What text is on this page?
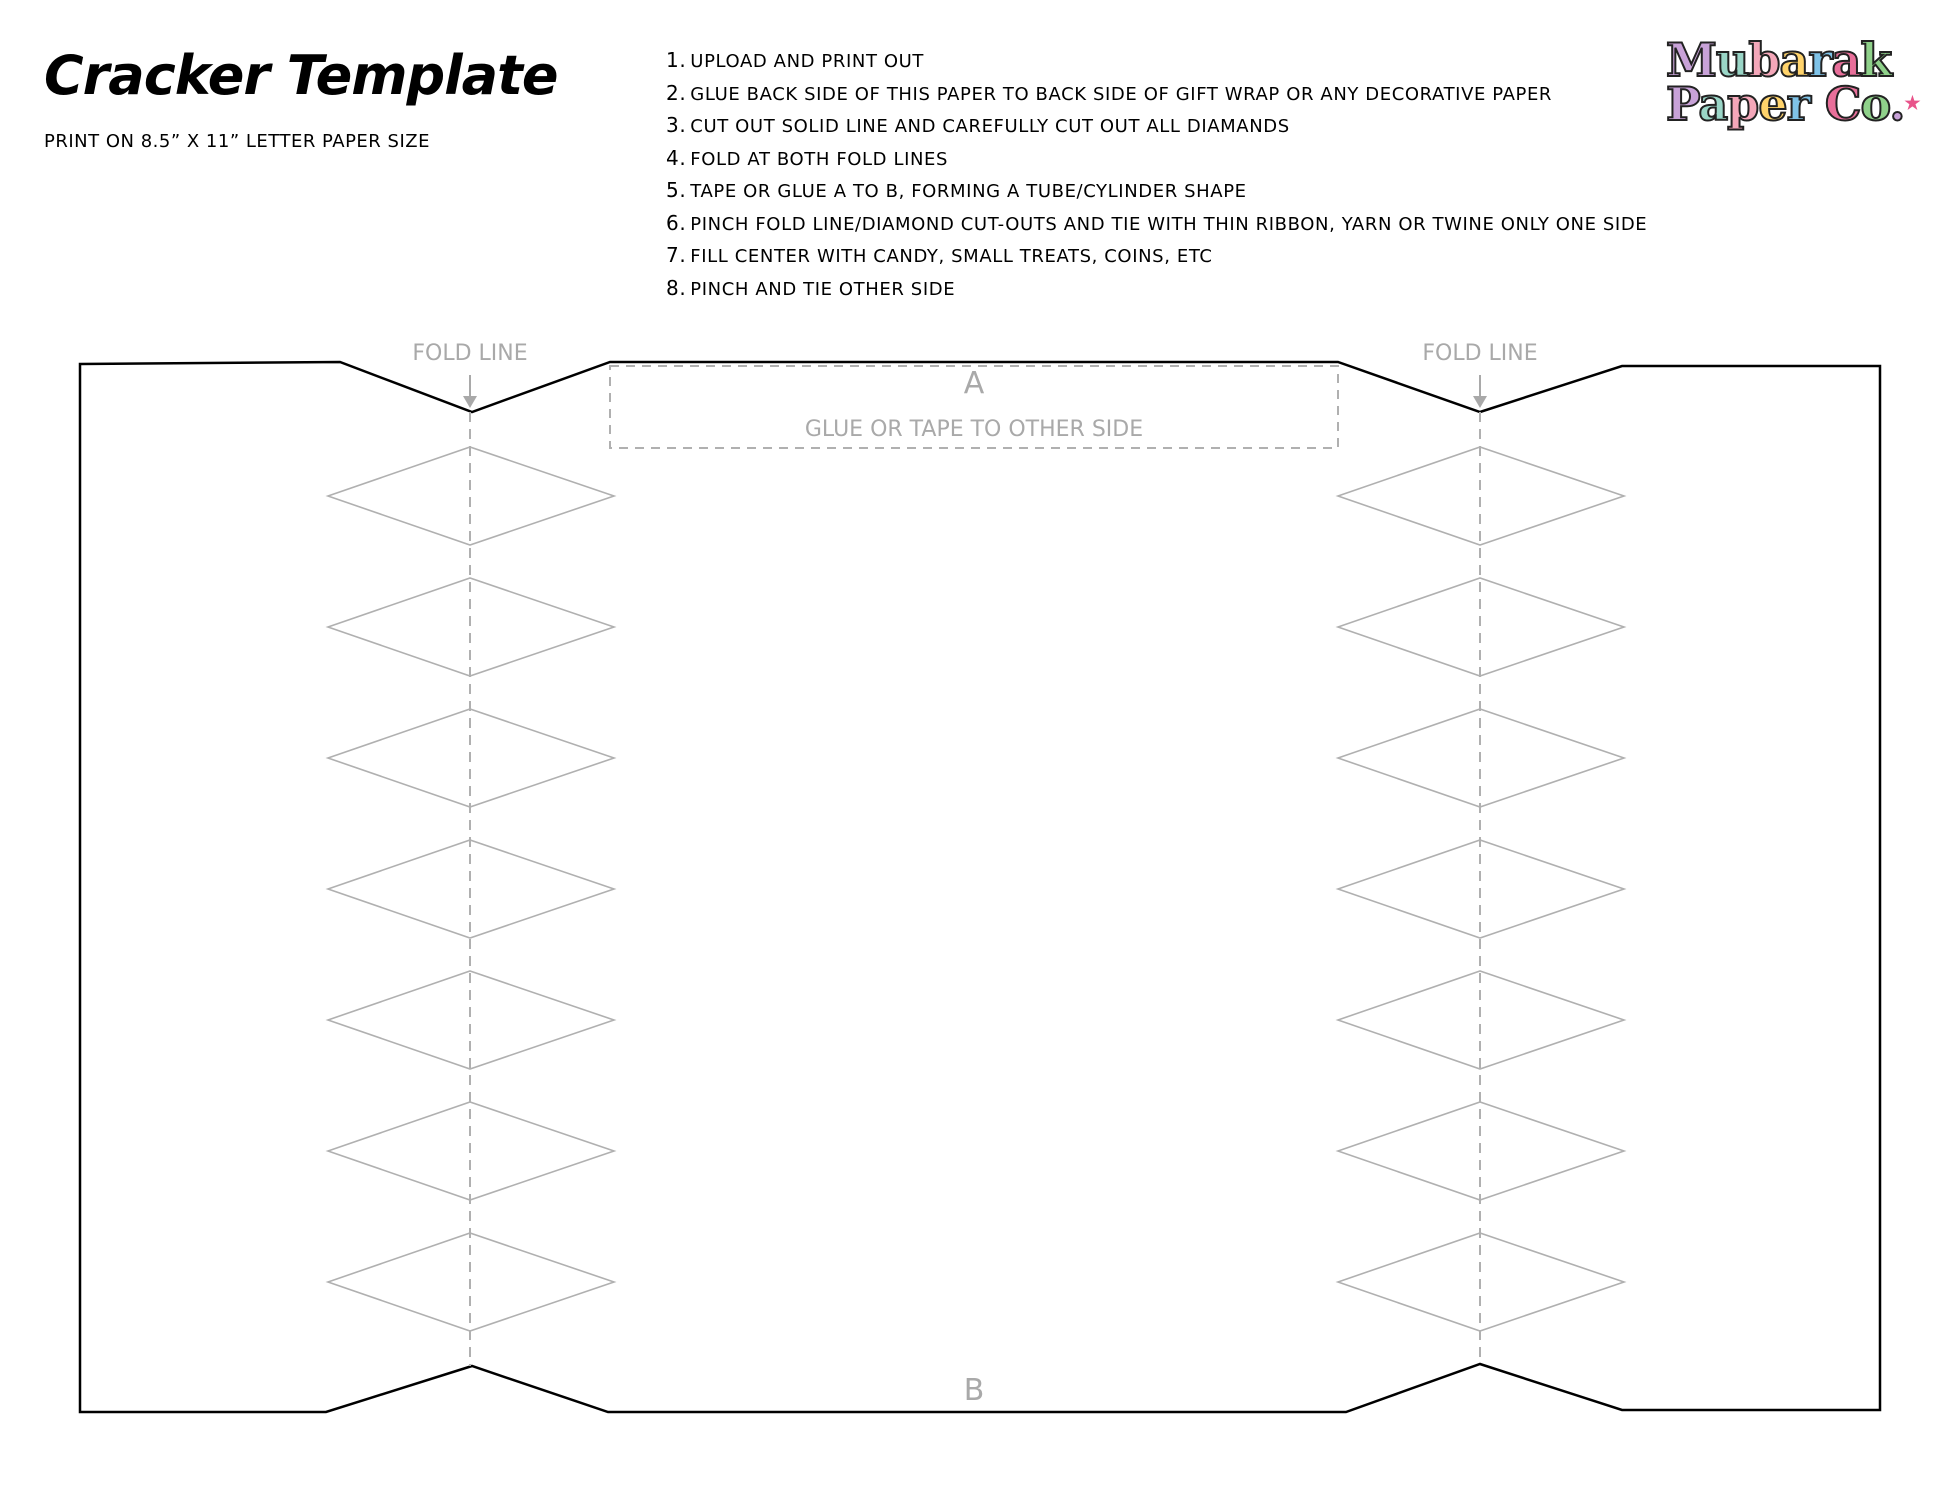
Cracker Template
PRINT ON 8.5” X 11” LETTER PAPER SIZE
1. UPLOAD AND PRINT OUT
2. GLUE BACK SIDE OF THIS PAPER TO BACK SIDE OF GIFT WRAP OR ANY DECORATIVE PAPER
3. CUT OUT SOLID LINE AND CAREFULLY CUT OUT ALL DIAMANDS
4. FOLD AT BOTH FOLD LINES
5. TAPE OR GLUE A TO B, FORMING A TUBE/CYLINDER SHAPE
6. PINCH FOLD LINE/DIAMOND CUT-OUTS AND TIE WITH THIN RIBBON, YARN OR TWINE ONLY ONE SIDE
7. FILL CENTER WITH CANDY, SMALL TREATS, COINS, ETC
8. PINCH AND TIE OTHER SIDE
Mubarak
Paper Co.★
FOLD LINE	FOLD LINE
A
GLUE OR TAPE TO OTHER SIDE
B
